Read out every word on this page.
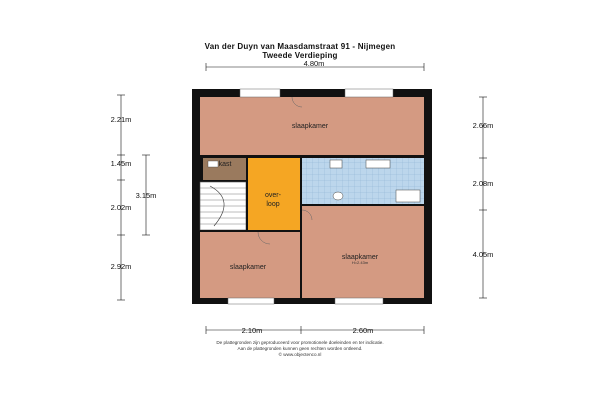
Van der Duyn van Maasdamstraat 91 - Nijmegen
Tweede Verdieping
slaapkamer
kast
over-
loop
slaapkamer
H=2.43m
slaapkamer
4.80m
2.10m	2.60m
2.21m
1.45m
2.02m
2.92m
3.15m
2.66m
2.08m
4.05m
De plattegronden zijn geproduceerd voor promotionele doeleinden en ter indicatie.
Aan de plattegronden kunnen geen rechten worden ontleend.
© www.objectenco.nl
